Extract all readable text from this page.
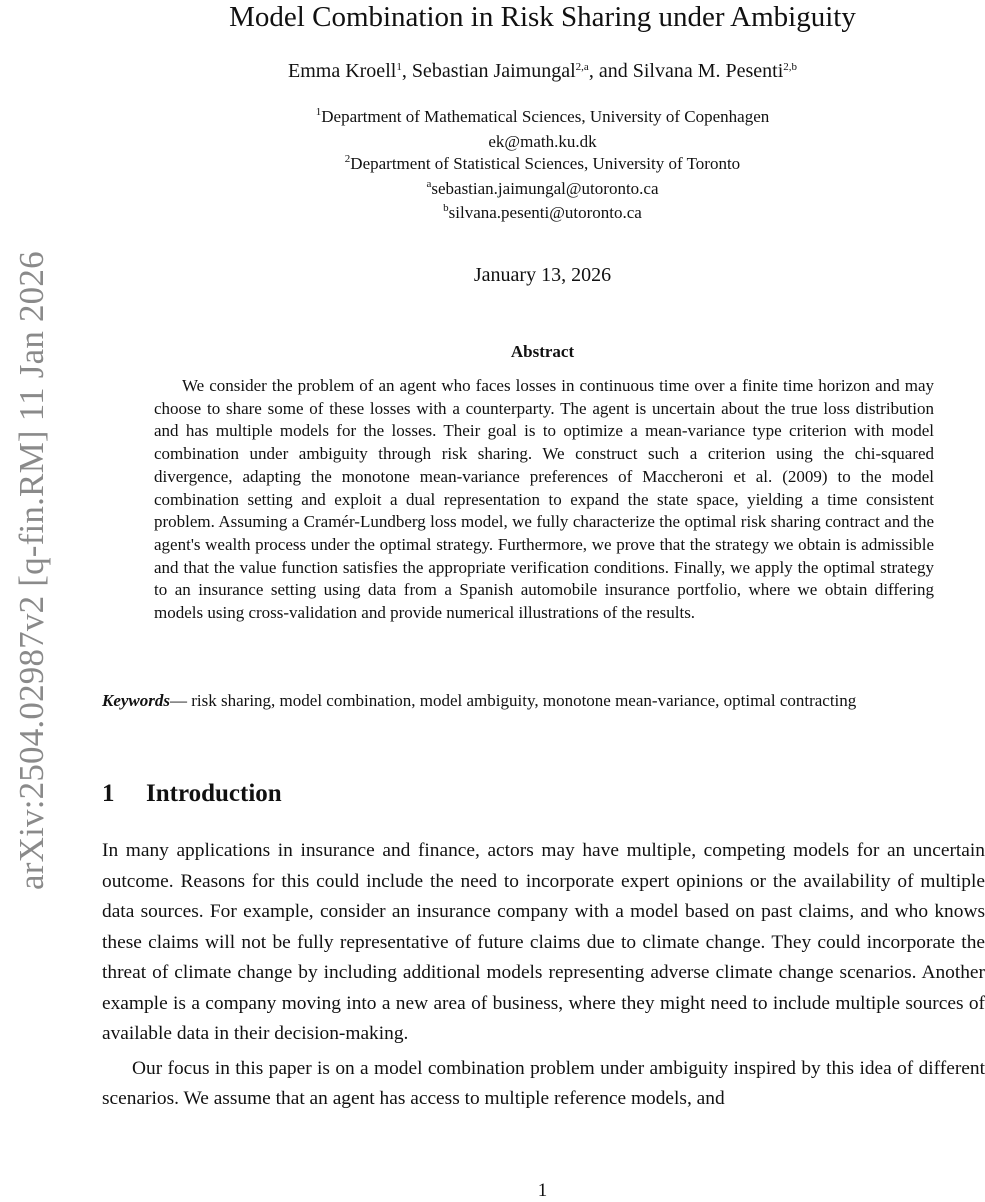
arXiv:2504.02987v2 [q-fin.RM] 11 Jan 2026
Model Combination in Risk Sharing under Ambiguity
Emma Kroell$^1$, Sebastian Jaimungal$^{2,a}$, and Silvana M. Pesenti$^{2,b}$
$^1$Department of Mathematical Sciences, University of Copenhagen
ek@math.ku.dk
$^2$Department of Statistical Sciences, University of Toronto
$^a$sebastian.jaimungal@utoronto.ca
$^b$silvana.pesenti@utoronto.ca
January 13, 2026
Abstract
We consider the problem of an agent who faces losses in continuous time over a finite time horizon and may choose to share some of these losses with a counterparty. The agent is uncertain about the true loss distribution and has multiple models for the losses. Their goal is to optimize a mean-variance type criterion with model combination under ambiguity through risk sharing. We construct such a criterion using the chi-squared divergence, adapting the monotone mean-variance preferences of Maccheroni et al. (2009) to the model combination setting and exploit a dual representation to expand the state space, yielding a time consistent problem. Assuming a Cramér-Lundberg loss model, we fully characterize the optimal risk sharing contract and the agent's wealth process under the optimal strategy. Furthermore, we prove that the strategy we obtain is admissible and that the value function satisfies the appropriate verification conditions. Finally, we apply the optimal strategy to an insurance setting using data from a Spanish automobile insurance portfolio, where we obtain differing models using cross-validation and provide numerical illustrations of the results.
Keywords— risk sharing, model combination, model ambiguity, monotone mean-variance, optimal contracting
1 Introduction

In many applications in insurance and finance, actors may have multiple, competing models for an uncertain outcome. Reasons for this could include the need to incorporate expert opinions or the availability of multiple data sources. For example, consider an insurance company with a model based on past claims, and who knows these claims will not be fully representative of future claims due to climate change. They could incorporate the threat of climate change by including additional models representing adverse climate change scenarios. Another example is a company moving into a new area of business, where they might need to include multiple sources of available data in their decision-making.

Our focus in this paper is on a model combination problem under ambiguity inspired by this idea of different scenarios. We assume that an agent has access to multiple reference models, and

1
